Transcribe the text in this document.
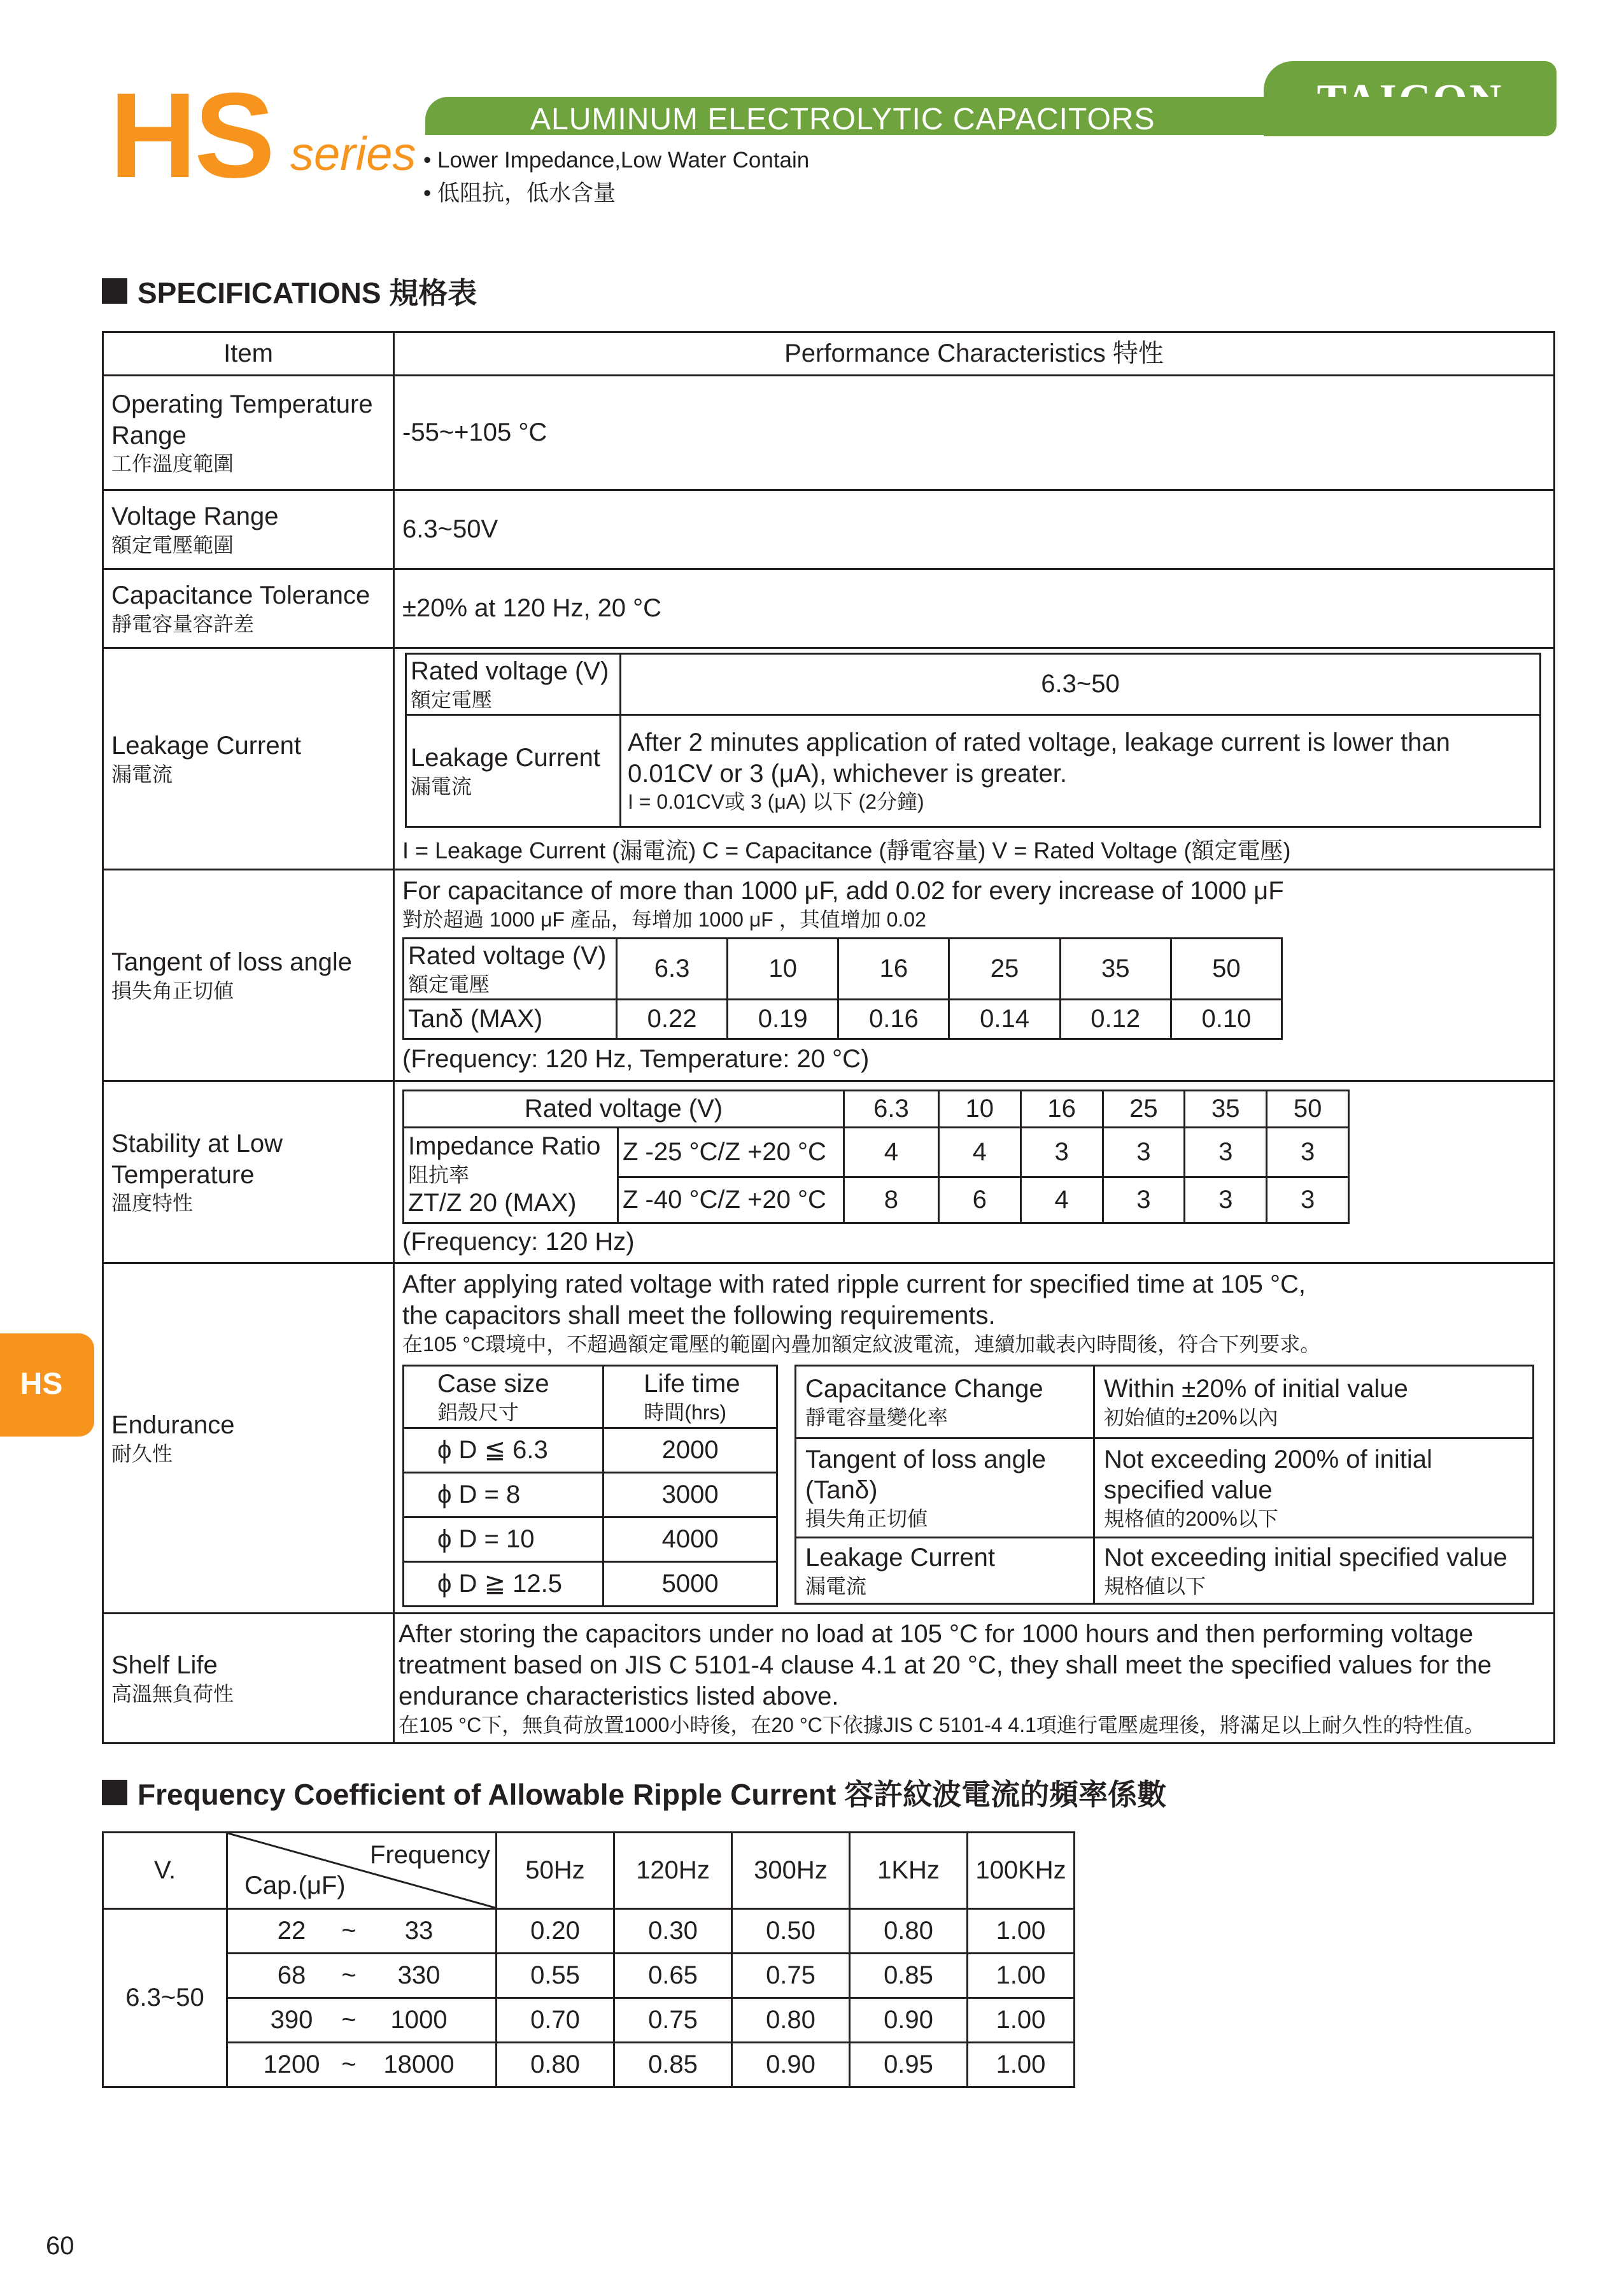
HS series
ALUMINUM ELECTROLYTIC CAPACITORS
• Lower Impedance,Low Water Contain
• 低阻抗，低水含量
SPECIFICATIONS 規格表
Item	Performance Characteristics 特性
Operating Temperature Range
工作溫度範圍
	-55~+105 °C
Voltage Range
額定電壓範圍
	6.3~50V
Capacitance Tolerance
靜電容量容許差
	±20% at 120 Hz, 20 °C
Leakage Current
漏電流

Rated voltage (V)
額定電壓
	6.3~50
Leakage Current
漏電流
	After 2 minutes application of rated voltage, leakage current is lower than 0.01CV or 3 (μA), whichever is greater.
I = 0.01CV或 3 (μA) 以下 (2分鐘)
I = Leakage Current (漏電流) C = Capacitance (靜電容量) V = Rated Voltage (額定電壓)

Tangent of loss angle
損失角正切値

For capacitance of more than 1000 μF, add 0.02 for every increase of 1000 μF
對於超過 1000 μF 產品，每增加 1000 μF ，其值增加 0.02
Rated voltage (V)
額定電壓
	6.3	10	16	25	35	50
Tanδ (MAX)	0.22	0.19	0.16	0.14	0.12	0.10
(Frequency: 120 Hz, Temperature: 20 °C)

Stability at Low Temperature
溫度特性

Rated voltage (V)	6.3	10	16	25	35	50
Impedance Ratio
阻抗率
ZT/Z 20 (MAX)
	Z -25 °C/Z +20 °C	4	4	3	3	3	3
Z -40 °C/Z +20 °C	8	6	4	3	3	3
(Frequency: 120 Hz)

Endurance
耐久性

After applying rated voltage with rated ripple current for specified time at 105 °C,
the capacitors shall meet the following requirements.
在105 °C環境中，不超過額定電壓的範圍內疊加額定紋波電流，連續加載表內時間後，符合下列要求。
Case size
鋁殼尺寸
	Life time
時間(hrs)

ϕ D ≦ 6.3	2000
ϕ D = 8	3000
ϕ D = 10	4000
ϕ D ≧ 12.5	5000
Capacitance Change
靜電容量變化率
	Within ±20% of initial value
初始値的±20%以內

Tangent of loss angle (Tanδ)
損失角正切値
	Not exceeding 200% of initial specified value
規格値的200%以下

Leakage Current
漏電流
	Not exceeding initial specified value
規格値以下

Shelf Life
高溫無負荷性
	After storing the capacitors under no load at 105 °C for 1000 hours and then performing voltage treatment based on JIS C 5101-4 clause 4.1 at 20 °C, they shall meet the specified values for the endurance characteristics listed above.
在105 °C下，無負荷放置1000小時後，在20 °C下依據JIS C 5101-4 4.1項進行電壓處理後，將滿足以上耐久性的特性值。
HS
Frequency Coefficient of Allowable Ripple Current 容許紋波電流的頻率係數
V.	Frequency
Cap.(μF)	50Hz	120Hz	300Hz	1KHz	100KHz
6.3~50	22 ~ 33	0.20	0.30	0.50	0.80	1.00
	68 ~ 330	0.55	0.65	0.75	0.85	1.00
	390 ~ 1000	0.70	0.75	0.80	0.90	1.00
	1200 ~ 18000	0.80	0.85	0.90	0.95	1.00
60
